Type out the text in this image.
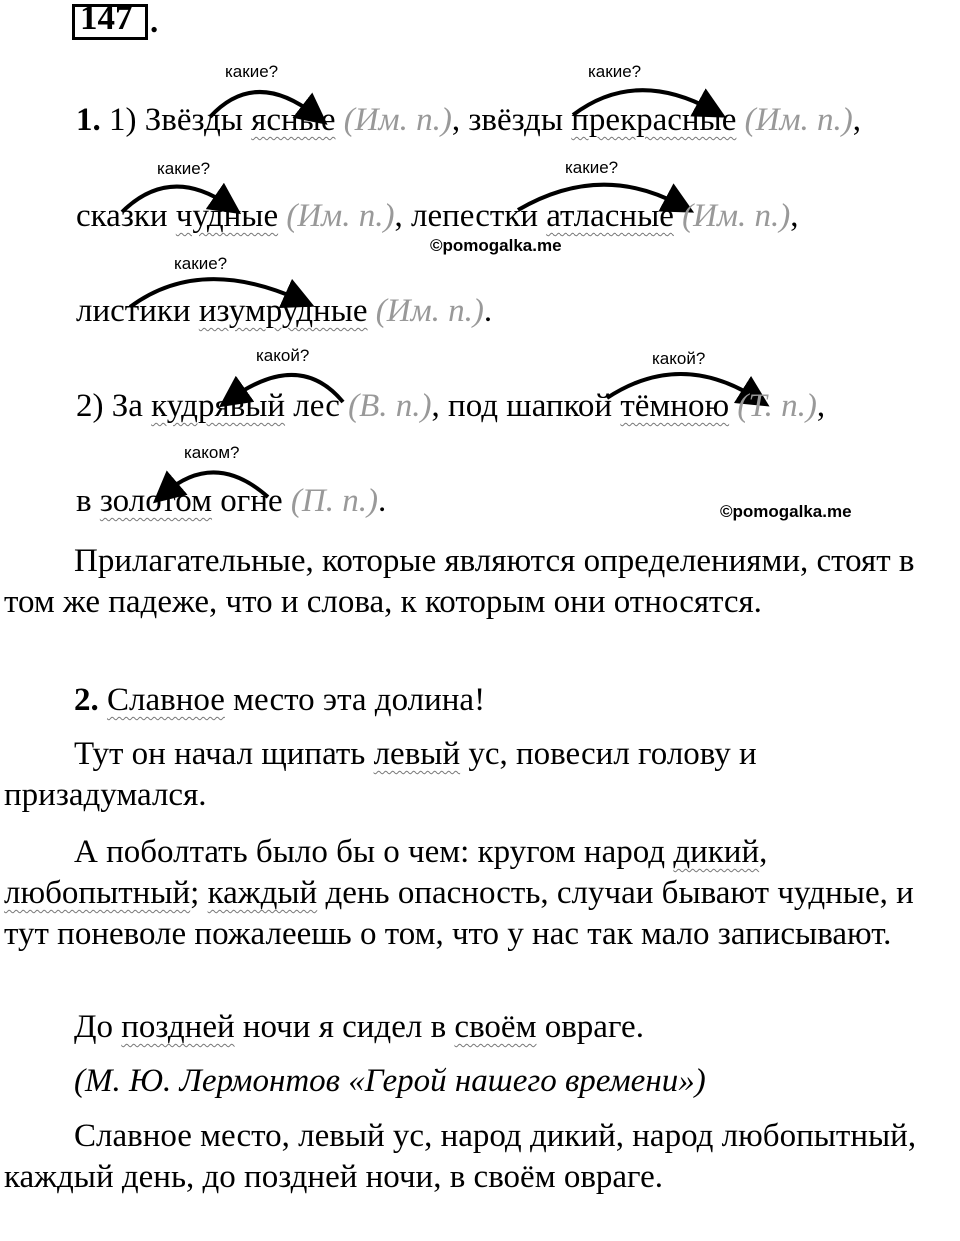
147 .
какие?	какие?
какие?	какие?
какие?
какой?	какой?
каком?
1. 1) Звёзды ясные (Им. п.), звёзды прекрасные (Им. п.),
сказки чудные (Им. п.), лепестки атласные (Им. п.),
©pomogalka.me
листики изумрудные (Им. п.).
2) За кудрявый лес (В. п.), под шапкой тёмною (Т. п.),
в золотом огне (П. п.).	©pomogalka.me
Прилагательные, которые являются определениями, стоят в том же падеже, что и слова, к которым они относятся.
2. Славное место эта долина!
Тут он начал щипать левый ус, повесил голову и призадумался.
А поболтать было бы о чем: кругом народ дикий, любопытный; каждый день опасность, случаи бывают чудные, и тут поневоле пожалеешь о том, что у нас так мало записывают.
До поздней ночи я сидел в своём овраге.
(М. Ю. Лермонтов «Герой нашего времени»)
Славное место, левый ус, народ дикий, народ любопытный, каждый день, до поздней ночи, в своём овраге.
